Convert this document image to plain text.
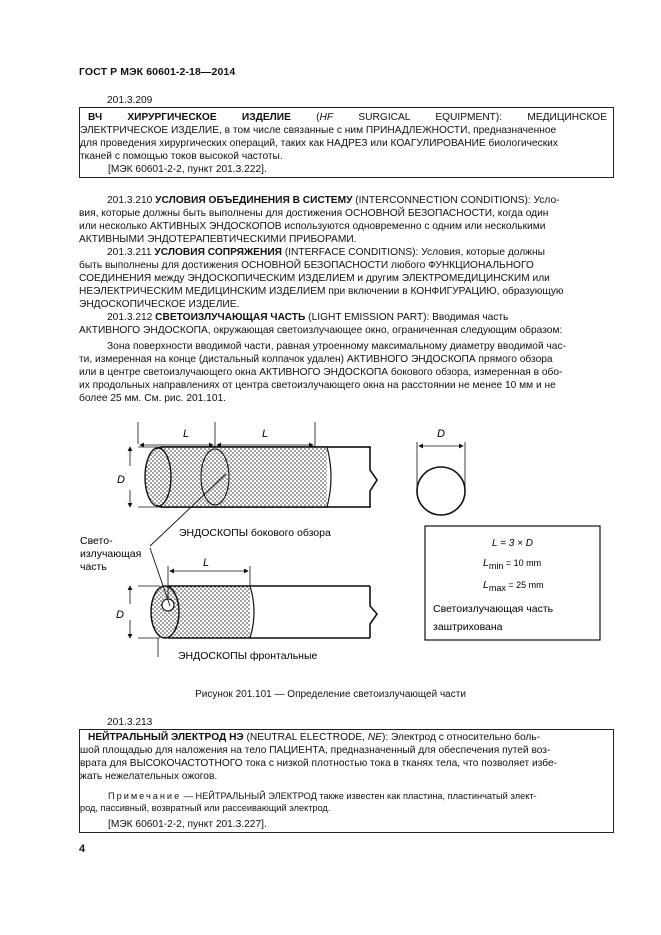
ГОСТ Р МЭК 60601-2-18—2014
201.3.209
ВЧ ХИРУРГИЧЕСКОЕ ИЗДЕЛИЕ (HF SURGICAL EQUIPMENT): МЕДИЦИНСКОЕ
ЭЛЕКТРИЧЕСКОЕ ИЗДЕЛИЕ, в том числе связанные с ним ПРИНАДЛЕЖНОСТИ, предназначенное
для проведения хирургических операций, таких как НАДРЕЗ или КОАГУЛИРОВАНИЕ биологических
тканей с помощью токов высокой частоты.
[МЭК 60601-2-2, пункт 201.3.222].
201.3.210 УСЛОВИЯ ОБЪЕДИНЕНИЯ В СИСТЕМУ (INTERCONNECTION CONDITIONS): Усло-
вия, которые должны быть выполнены для достижения ОСНОВНОЙ БЕЗОПАСНОСТИ, когда один
или несколько АКТИВНЫХ ЭНДОСКОПОВ используются одновременно с одним или несколькими
АКТИВНЫМИ ЭНДОТЕРАПЕВТИЧЕСКИМИ ПРИБОРАМИ.
201.3.211 УСЛОВИЯ СОПРЯЖЕНИЯ (INTERFACE CONDITIONS): Условия, которые должны
быть выполнены для достижения ОСНОВНОЙ БЕЗОПАСНОСТИ любого ФУНКЦИОНАЛЬНОГО
СОЕДИНЕНИЯ между ЭНДОСКОПИЧЕСКИМ ИЗДЕЛИЕМ и другим ЭЛЕКТРОМЕДИЦИНСКИМ или
НЕЭЛЕКТРИЧЕСКИМ МЕДИЦИНСКИМ ИЗДЕЛИЕМ при включении в КОНФИГУРАЦИЮ, образующую
ЭНДОСКОПИЧЕСКОЕ ИЗДЕЛИЕ.
201.3.212 СВЕТОИЗЛУЧАЮЩАЯ ЧАСТЬ (LIGHT EMISSION PART): Вводимая часть
АКТИВНОГО ЭНДОСКОПА, окружающая светоизлучающее окно, ограниченная следующим образом:
Зона поверхности вводимой части, равная утроенному максимальному диаметру вводимой час-
ти, измеренная на конце (дистальный колпачок удален) АКТИВНОГО ЭНДОСКОПА прямого обзора
или в центре светоизлучающего окна АКТИВНОГО ЭНДОСКОПА бокового обзора, измеренная в обо-
их продольных направлениях от центра светоизлучающего окна на расстоянии не менее 10 мм и не
более 25 мм. См. рис. 201.101.
L	L
D
D
L
D
Свето-
излучающая
часть
ЭНДОСКОПЫ бокового обзора
ЭНДОСКОПЫ фронтальные
L = 3 × D
Lmin = 10 mm
Lmax = 25 mm
Светоизлучающая часть
заштрихована
Рисунок 201.101 — Определение светоизлучающей части
201.3.213
НЕЙТРАЛЬНЫЙ ЭЛЕКТРОД НЭ (NEUTRAL ELECTRODE, NE): Электрод с относительно боль-
шой площадью для наложения на тело ПАЦИЕНТА, предназначенный для обеспечения путей воз-
врата для ВЫСОКОЧАСТОТНОГО тока с низкой плотностью тока в тканях тела, что позволяет избе-
жать нежелательных ожогов.
Примечание — НЕЙТРАЛЬНЫЙ ЭЛЕКТРОД также известен как пластина, пластинчатый элект-
род, пассивный, возвратный или рассеивающий электрод.
[МЭК 60601-2-2, пункт 201.3.227].
4
